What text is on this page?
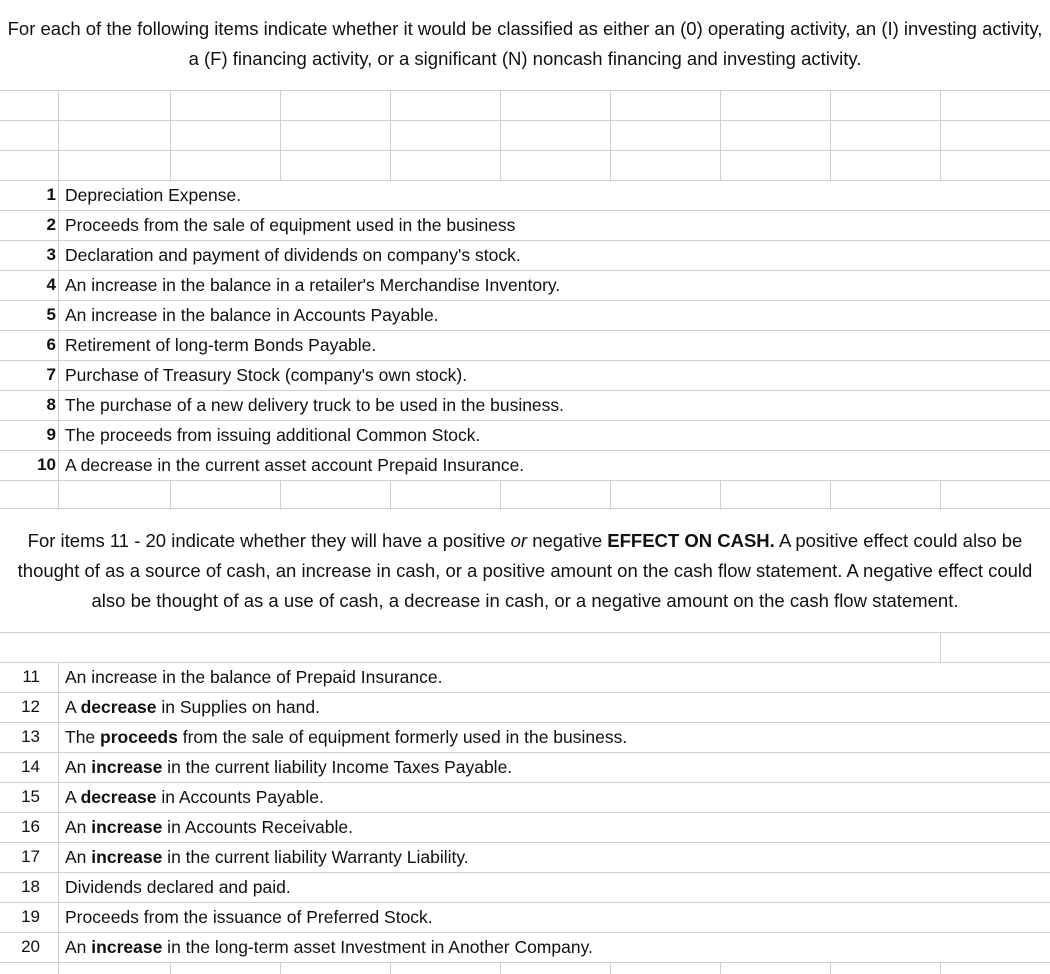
For each of the following items indicate whether it would be classified as either an (0) operating activity, an (I) investing activity, a (F) financing activity, or a significant (N) noncash financing and investing activity.
1 Depreciation Expense.
2 Proceeds from the sale of equipment used in the business
3 Declaration and payment of dividends on company's stock.
4 An increase in the balance in a retailer's Merchandise Inventory.
5 An increase in the balance in Accounts Payable.
6 Retirement of long-term Bonds Payable.
7 Purchase of Treasury Stock (company's own stock).
8 The purchase of a new delivery truck to be used in the business.
9 The proceeds from issuing additional Common Stock.
10 A decrease in the current asset account Prepaid Insurance.
For items 11 - 20 indicate whether they will have a positive or negative EFFECT ON CASH. A positive effect could also be thought of as a source of cash, an increase in cash, or a positive amount on the cash flow statement. A negative effect could also be thought of as a use of cash, a decrease in cash, or a negative amount on the cash flow statement.
11 An increase in the balance of Prepaid Insurance.
12 A decrease in Supplies on hand.
13 The proceeds from the sale of equipment formerly used in the business.
14 An increase in the current liability Income Taxes Payable.
15 A decrease in Accounts Payable.
16 An increase in Accounts Receivable.
17 An increase in the current liability Warranty Liability.
18 Dividends declared and paid.
19 Proceeds from the issuance of Preferred Stock.
20 An increase in the long-term asset Investment in Another Company.
